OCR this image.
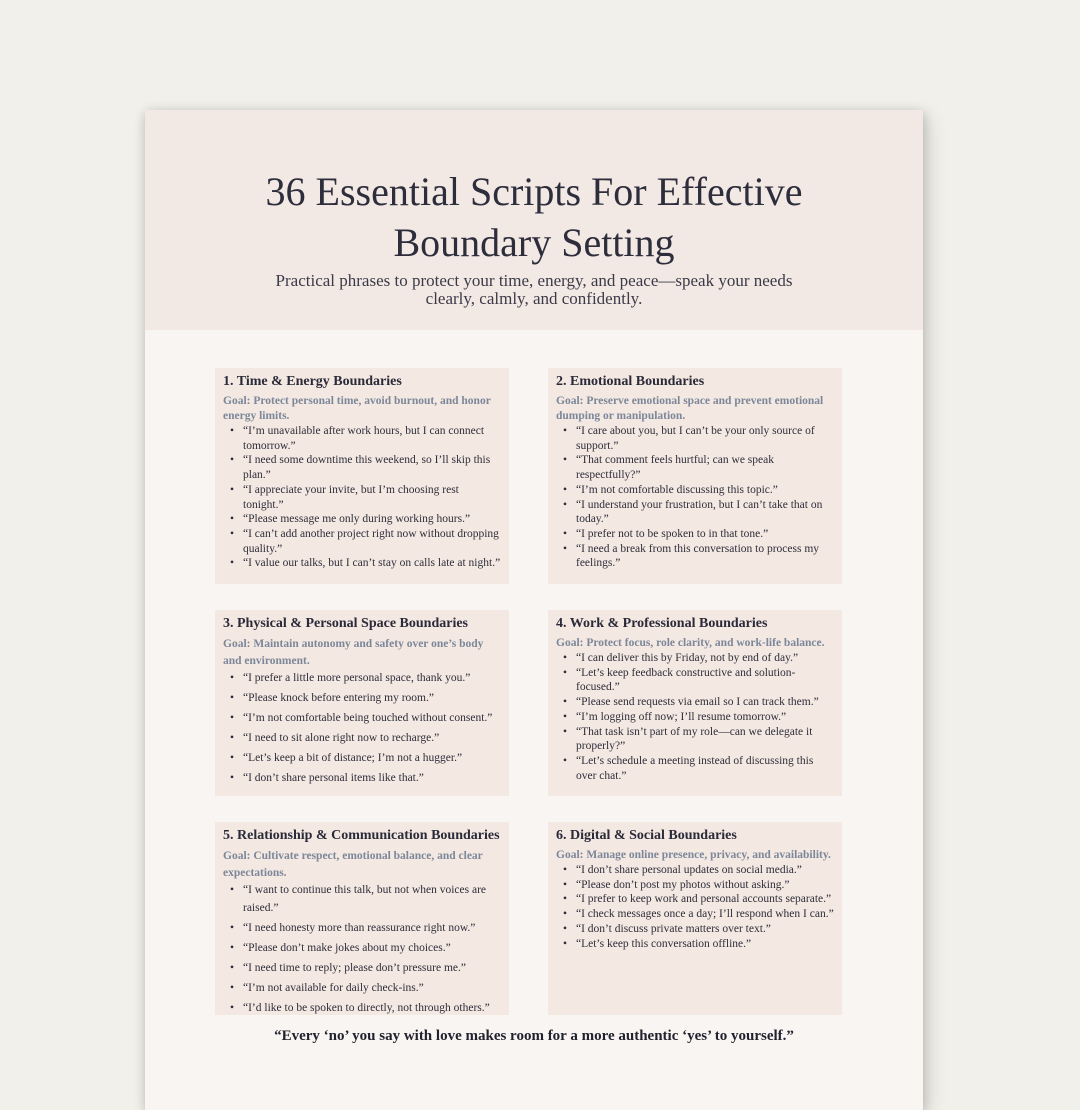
36 Essential Scripts For Effective
Boundary Setting

Practical phrases to protect your time, energy, and peace—speak your needs
clearly, calmly, and confidently.

1. Time & Energy Boundaries

Goal: Protect personal time, avoid burnout, and honor energy limits.

• “I’m unavailable after work hours, but I can connect tomorrow.”
• “I need some downtime this weekend, so I’ll skip this plan.”
• “I appreciate your invite, but I’m choosing rest tonight.”
• “Please message me only during working hours.”
• “I can’t add another project right now without dropping quality.”
• “I value our talks, but I can’t stay on calls late at night.”
2. Emotional Boundaries

Goal: Preserve emotional space and prevent emotional dumping or manipulation.

• “I care about you, but I can’t be your only source of support.”
• “That comment feels hurtful; can we speak respectfully?”
• “I’m not comfortable discussing this topic.”
• “I understand your frustration, but I can’t take that on today.”
• “I prefer not to be spoken to in that tone.”
• “I need a break from this conversation to process my feelings.”
3. Physical & Personal Space Boundaries

Goal: Maintain autonomy and safety over one’s body and environment.

• “I prefer a little more personal space, thank you.”
• “Please knock before entering my room.”
• “I’m not comfortable being touched without consent.”
• “I need to sit alone right now to recharge.”
• “Let’s keep a bit of distance; I’m not a hugger.”
• “I don’t share personal items like that.”
4. Work & Professional Boundaries

Goal: Protect focus, role clarity, and work-life balance.

• “I can deliver this by Friday, not by end of day.”
• “Let’s keep feedback constructive and solution-focused.”
• “Please send requests via email so I can track them.”
• “I’m logging off now; I’ll resume tomorrow.”
• “That task isn’t part of my role—can we delegate it properly?”
• “Let’s schedule a meeting instead of discussing this over chat.”
5. Relationship & Communication Boundaries

Goal: Cultivate respect, emotional balance, and clear expectations.

• “I want to continue this talk, but not when voices are raised.”
• “I need honesty more than reassurance right now.”
• “Please don’t make jokes about my choices.”
• “I need time to reply; please don’t pressure me.”
• “I’m not available for daily check-ins.”
• “I’d like to be spoken to directly, not through others.”
6. Digital & Social Boundaries

Goal: Manage online presence, privacy, and availability.

• “I don’t share personal updates on social media.”
• “Please don’t post my photos without asking.”
• “I prefer to keep work and personal accounts separate.”
• “I check messages once a day; I’ll respond when I can.”
• “I don’t discuss private matters over text.”
• “Let’s keep this conversation offline.”

“Every ‘no’ you say with love makes room for a more authentic ‘yes’ to yourself.”
